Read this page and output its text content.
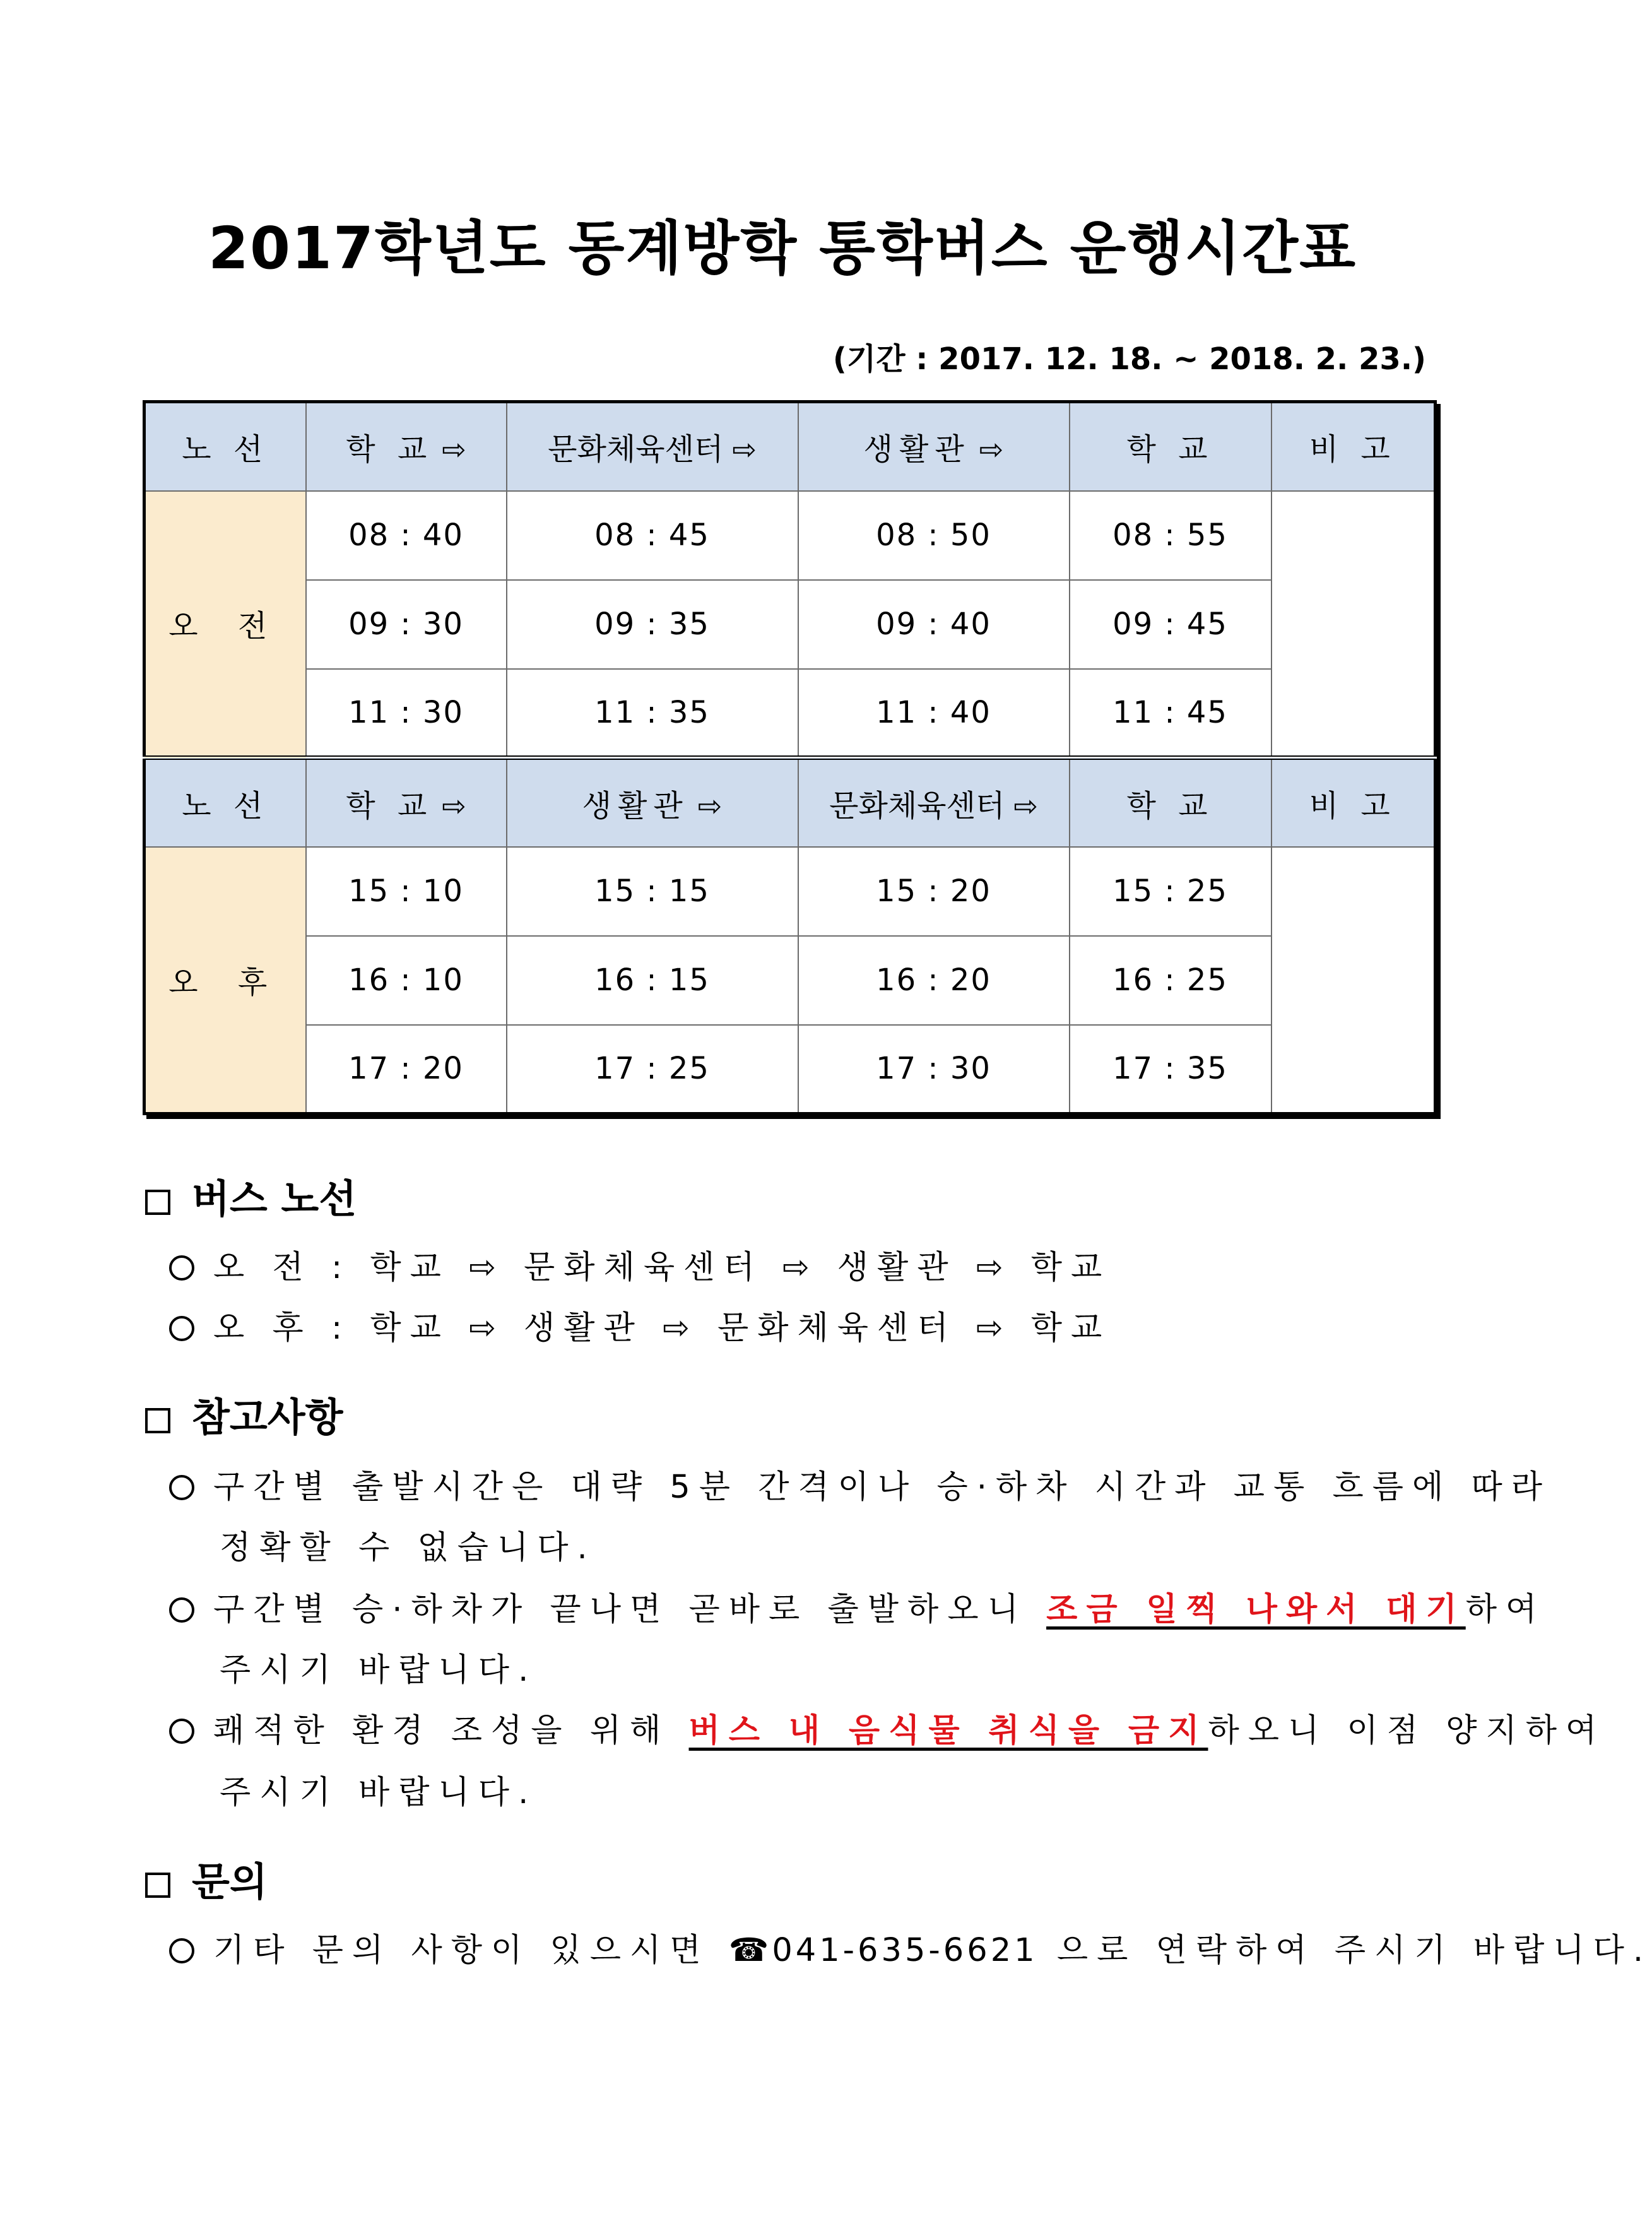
2017학년도 동계방학 통학버스 운행시간표
(기간 : 2017. 12. 18. ~ 2018. 2. 23.)
노 선	학 교 ⇨	문화체육센터 ⇨	생활관 ⇨	학 교	비 고
오 전	08 : 40	08 : 45	08 : 50	08 : 55	
	09 : 30	09 : 35	09 : 40	09 : 45	
	11 : 30	11 : 35	11 : 40	11 : 45	
노 선	학 교 ⇨	생활관 ⇨	문화체육센터 ⇨	학 교	비 고
오 후	15 : 10	15 : 15	15 : 20	15 : 25	
	16 : 10	16 : 15	16 : 20	16 : 25	
	17 : 20	17 : 25	17 : 30	17 : 35	
버스 노선
오 전 : 학교 ⇨ 문화체육센터 ⇨ 생활관 ⇨ 학교
오 후 : 학교 ⇨ 생활관 ⇨ 문화체육센터 ⇨ 학교
참고사항
구간별 출발시간은 대략 5분 간격이나 승·하차 시간과 교통 흐름에 따라
정확할 수 없습니다.
구간별 승·하차가 끝나면 곧바로 출발하오니 조금 일찍 나와서 대기하여
주시기 바랍니다.
쾌적한 환경 조성을 위해 버스 내 음식물 취식을 금지하오니 이점 양지하여
주시기 바랍니다.
문의
기타 문의 사항이 있으시면 ☎041-635-6621 으로 연락하여 주시기 바랍니다.
